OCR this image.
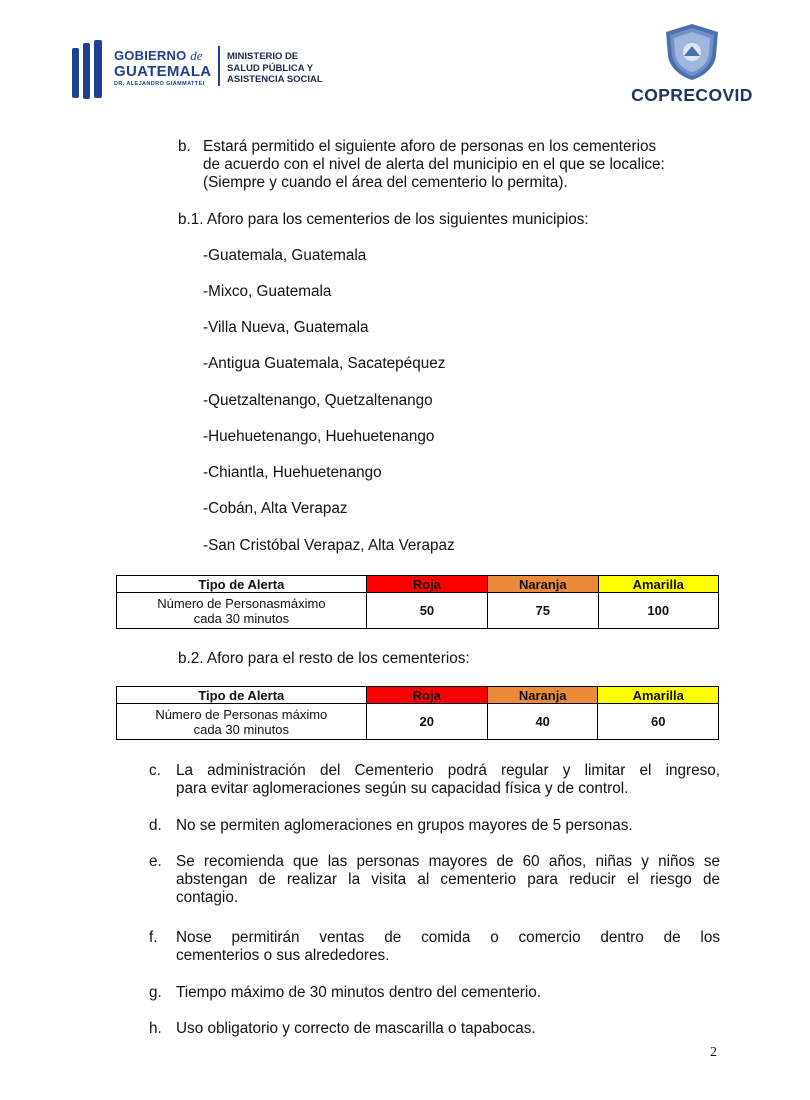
GOBIERNO de
GUATEMALA
DR. ALEJANDRO GIAMMATTEI
MINISTERIO DE
SALUD PÚBLICA Y
ASISTENCIA SOCIAL
COPRECOVID
b. Estará permitido el siguiente aforo de personas en los cementerios
de acuerdo con el nivel de alerta del municipio en el que se localice:
(Siempre y cuando el área del cementerio lo permita).
b.1. Aforo para los cementerios de los siguientes municipios:
-Guatemala, Guatemala
-Mixco, Guatemala
-Villa Nueva, Guatemala
-Antigua Guatemala, Sacatepéquez
-Quetzaltenango, Quetzaltenango
-Huehuetenango, Huehuetenango
-Chiantla, Huehuetenango
-Cobán, Alta Verapaz
-San Cristóbal Verapaz, Alta Verapaz
Tipo de Alerta	Roja	Naranja	Amarilla

Número de Personasmáximo
cada 30 minutos	50	75	100
b.2. Aforo para el resto de los cementerios:
Tipo de Alerta	Roja	Naranja	Amarilla

Número de Personas máximo
cada 30 minutos	20	40	60
c. La administración del Cementerio podrá regular y limitar el ingreso,
para evitar aglomeraciones según su capacidad física y de control.
d. No se permiten aglomeraciones en grupos mayores de 5 personas.
e. Se recomienda que las personas mayores de 60 años, niñas y niños se
abstengan de realizar la visita al cementerio para reducir el riesgo de
contagio.
f. Nose permitirán ventas de comida o comercio dentro de los
cementerios o sus alrededores.
g. Tiempo máximo de 30 minutos dentro del cementerio.
h. Uso obligatorio y correcto de mascarilla o tapabocas.
2
